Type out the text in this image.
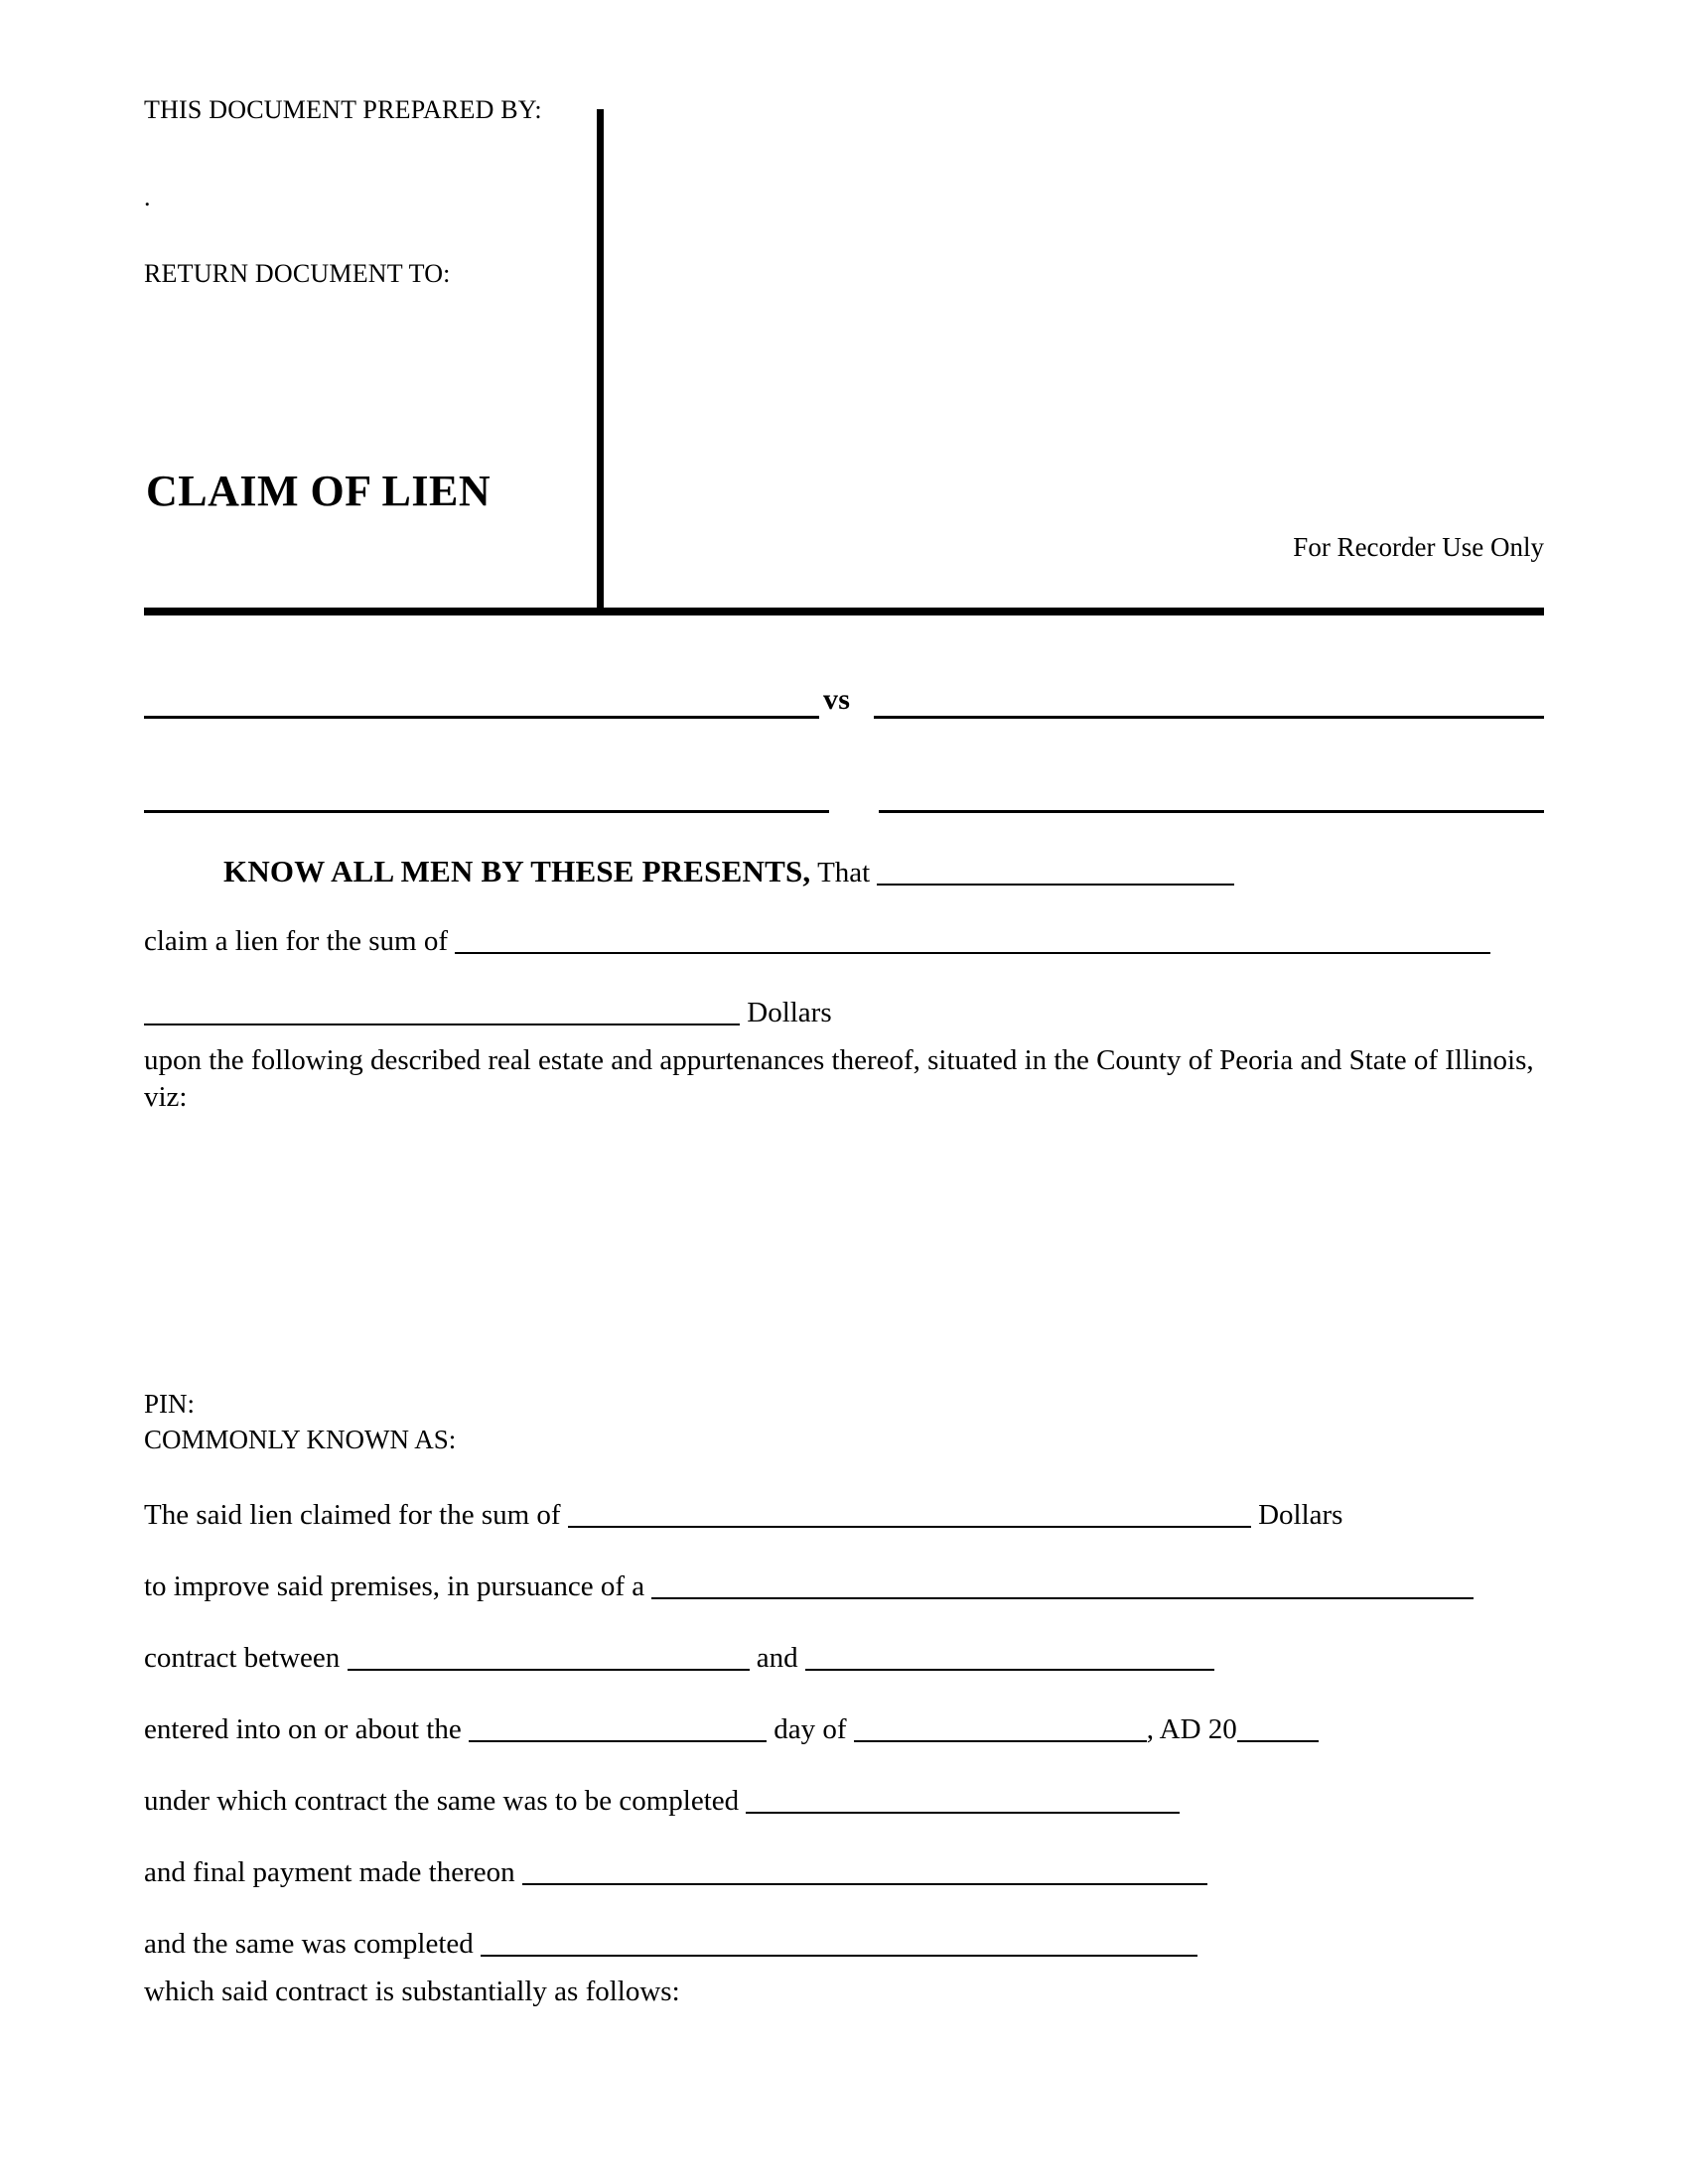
THIS DOCUMENT PREPARED BY:
.
RETURN DOCUMENT TO:
CLAIM OF LIEN
For Recorder Use Only
vs
KNOW ALL MEN BY THESE PRESENTS, That
claim a lien for the sum of
Dollars
upon the following described real estate and appurtenances thereof, situated in the County of Peoria and State of Illinois, viz:
PIN:
COMMONLY KNOWN AS:
The said lien claimed for the sum of	Dollars
to improve said premises, in pursuance of a
contract between	and
entered into on or about the	day of	, AD 20
under which contract the same was to be completed
and final payment made thereon
and the same was completed
which said contract is substantially as follows:
